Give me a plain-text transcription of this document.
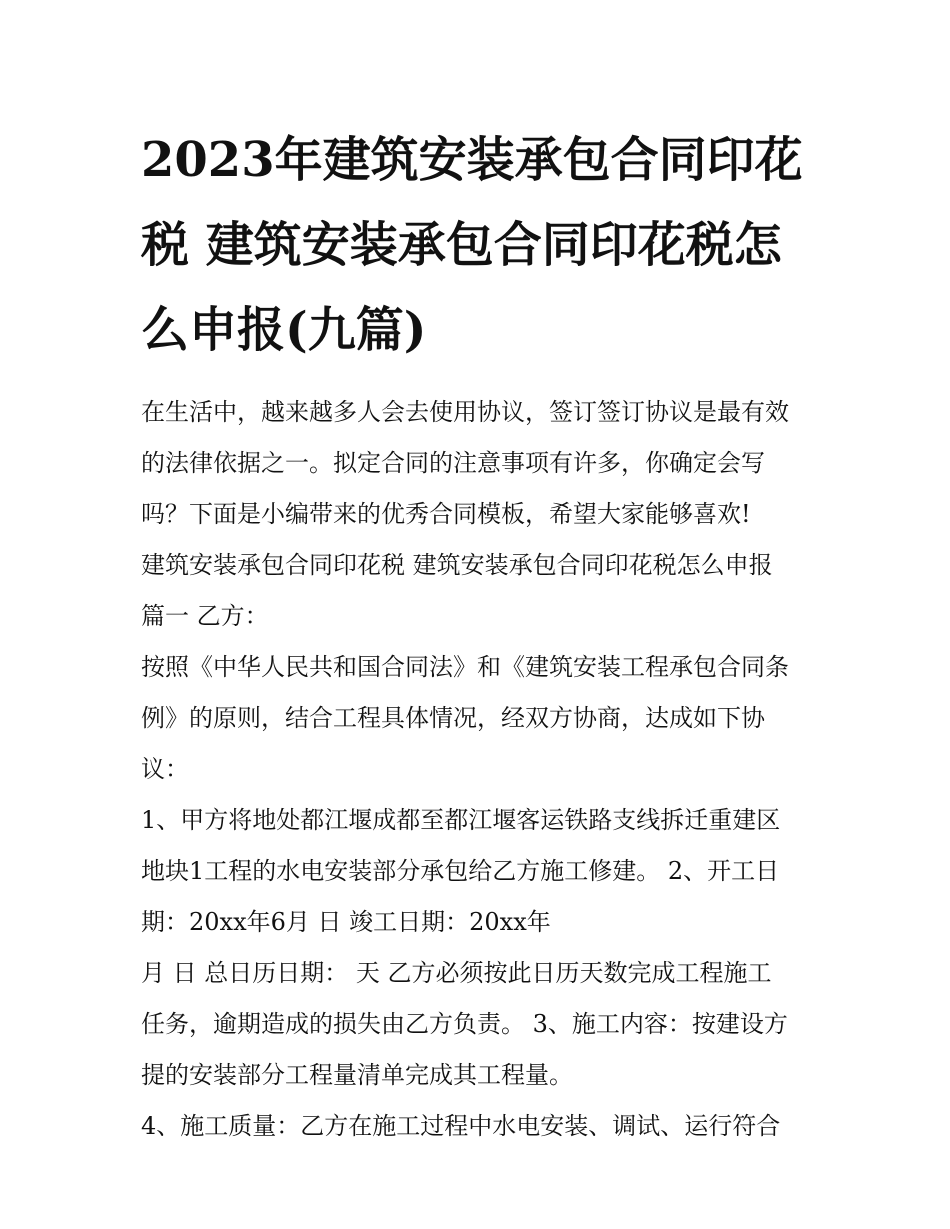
2023年建筑安装承包合同印花
税 建筑安装承包合同印花税怎
么申报(九篇)
在生活中，越来越多人会去使用协议，签订签订协议是最有效
的法律依据之一。拟定合同的注意事项有许多，你确定会写
吗？下面是小编带来的优秀合同模板，希望大家能够喜欢!
建筑安装承包合同印花税 建筑安装承包合同印花税怎么申报
篇一 乙方：
按照《中华人民共和国合同法》和《建筑安装工程承包合同条
例》的原则，结合工程具体情况，经双方协商，达成如下协
议：
1、甲方将地处都江堰成都至都江堰客运铁路支线拆迁重建区
地块1工程的水电安装部分承包给乙方施工修建。 2、开工日
期：20xx年6月 日 竣工日期：20xx年
月 日 总日历日期： 天 乙方必须按此日历天数完成工程施工
任务，逾期造成的损失由乙方负责。 3、施工内容：按建设方
提的安装部分工程量清单完成其工程量。
4、施工质量：乙方在施工过程中水电安装、调试、运行符合
